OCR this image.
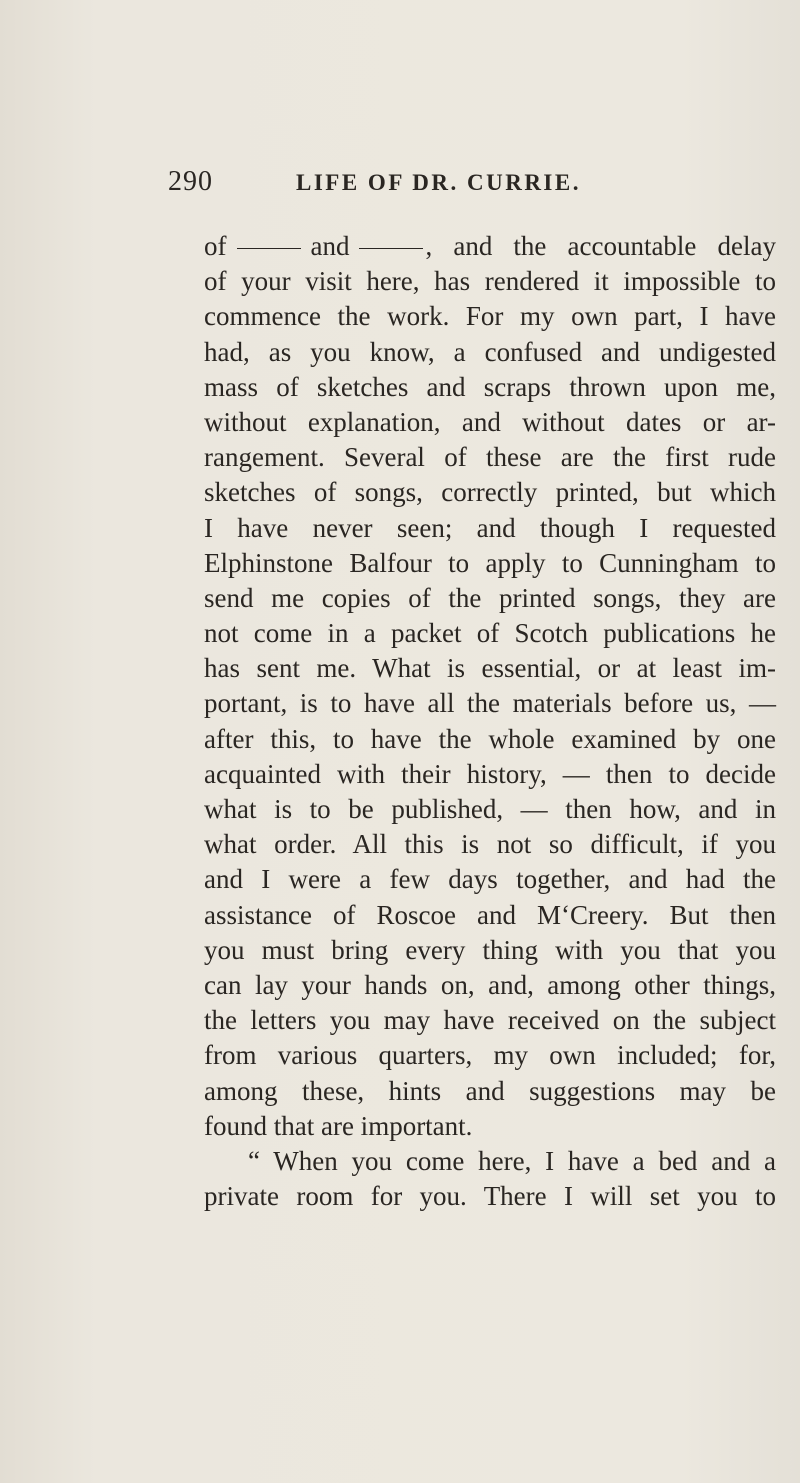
290	LIFE OF DR. CURRIE.
of	and	, and the accountable delay
of your visit here, has rendered it impossible to
commence the work. For my own part, I have
had, as you know, a confused and undigested
mass of sketches and scraps thrown upon me,
without explanation, and without dates or ar-
rangement. Several of these are the first rude
sketches of songs, correctly printed, but which
I have never seen; and though I requested
Elphinstone Balfour to apply to Cunningham to
send me copies of the printed songs, they are
not come in a packet of Scotch publications he
has sent me. What is essential, or at least im-
portant, is to have all the materials before us, —
after this, to have the whole examined by one
acquainted with their history, — then to decide
what is to be published, — then how, and in
what order. All this is not so difficult, if you
and I were a few days together, and had the
assistance of Roscoe and M‘Creery. But then
you must bring every thing with you that you
can lay your hands on, and, among other things,
the letters you may have received on the subject
from various quarters, my own included; for,
among these, hints and suggestions may be
found that are important.
“ When you come here, I have a bed and a
private room for you. There I will set you to
